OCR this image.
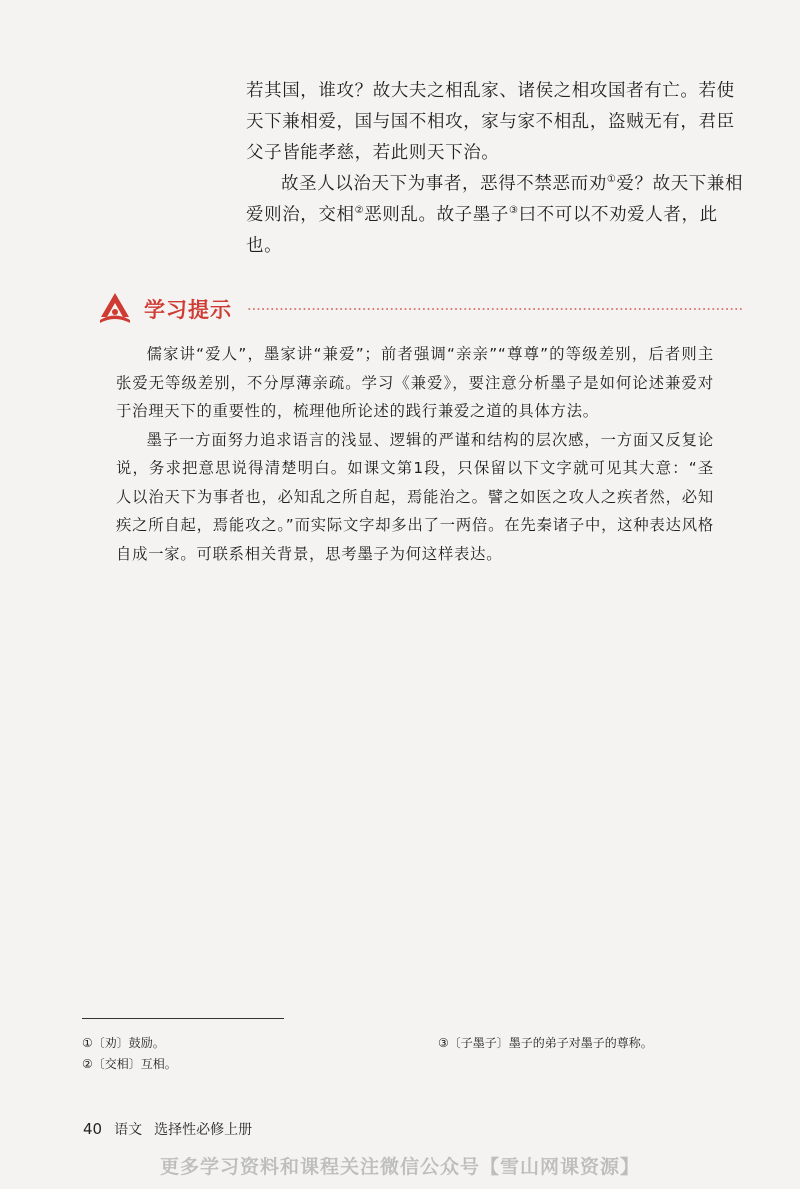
若其国，谁攻？故大夫之相乱家、诸侯之相攻国者有亡。若使天下兼相爱，国与国不相攻，家与家不相乱，盗贼无有，君臣父子皆能孝慈，若此则天下治。

故圣人以治天下为事者，恶得不禁恶而劝①爱？故天下兼相爱则治，交相②恶则乱。故子墨子③曰不可以不劝爱人者，此也。

学习提示

儒家讲“爱人”，墨家讲“兼爱”；前者强调“亲亲”“尊尊”的等级差别，后者则主张爱无等级差别，不分厚薄亲疏。学习《兼爱》，要注意分析墨子是如何论述兼爱对于治理天下的重要性的，梳理他所论述的践行兼爱之道的具体方法。

墨子一方面努力追求语言的浅显、逻辑的严谨和结构的层次感，一方面又反复论说，务求把意思说得清楚明白。如课文第1段，只保留以下文字就可见其大意：“圣人以治天下为事者也，必知乱之所自起，焉能治之。譬之如医之攻人之疾者然，必知疾之所自起，焉能攻之。”而实际文字却多出了一两倍。在先秦诸子中，这种表达风格自成一家。可联系相关背景，思考墨子为何这样表达。

①〔劝〕鼓励。
②〔交相〕互相。
③〔子墨子〕墨子的弟子对墨子的尊称。
40 语文 选择性必修上册
更多学习资料和课程关注微信公众号【雪山网课资源】
